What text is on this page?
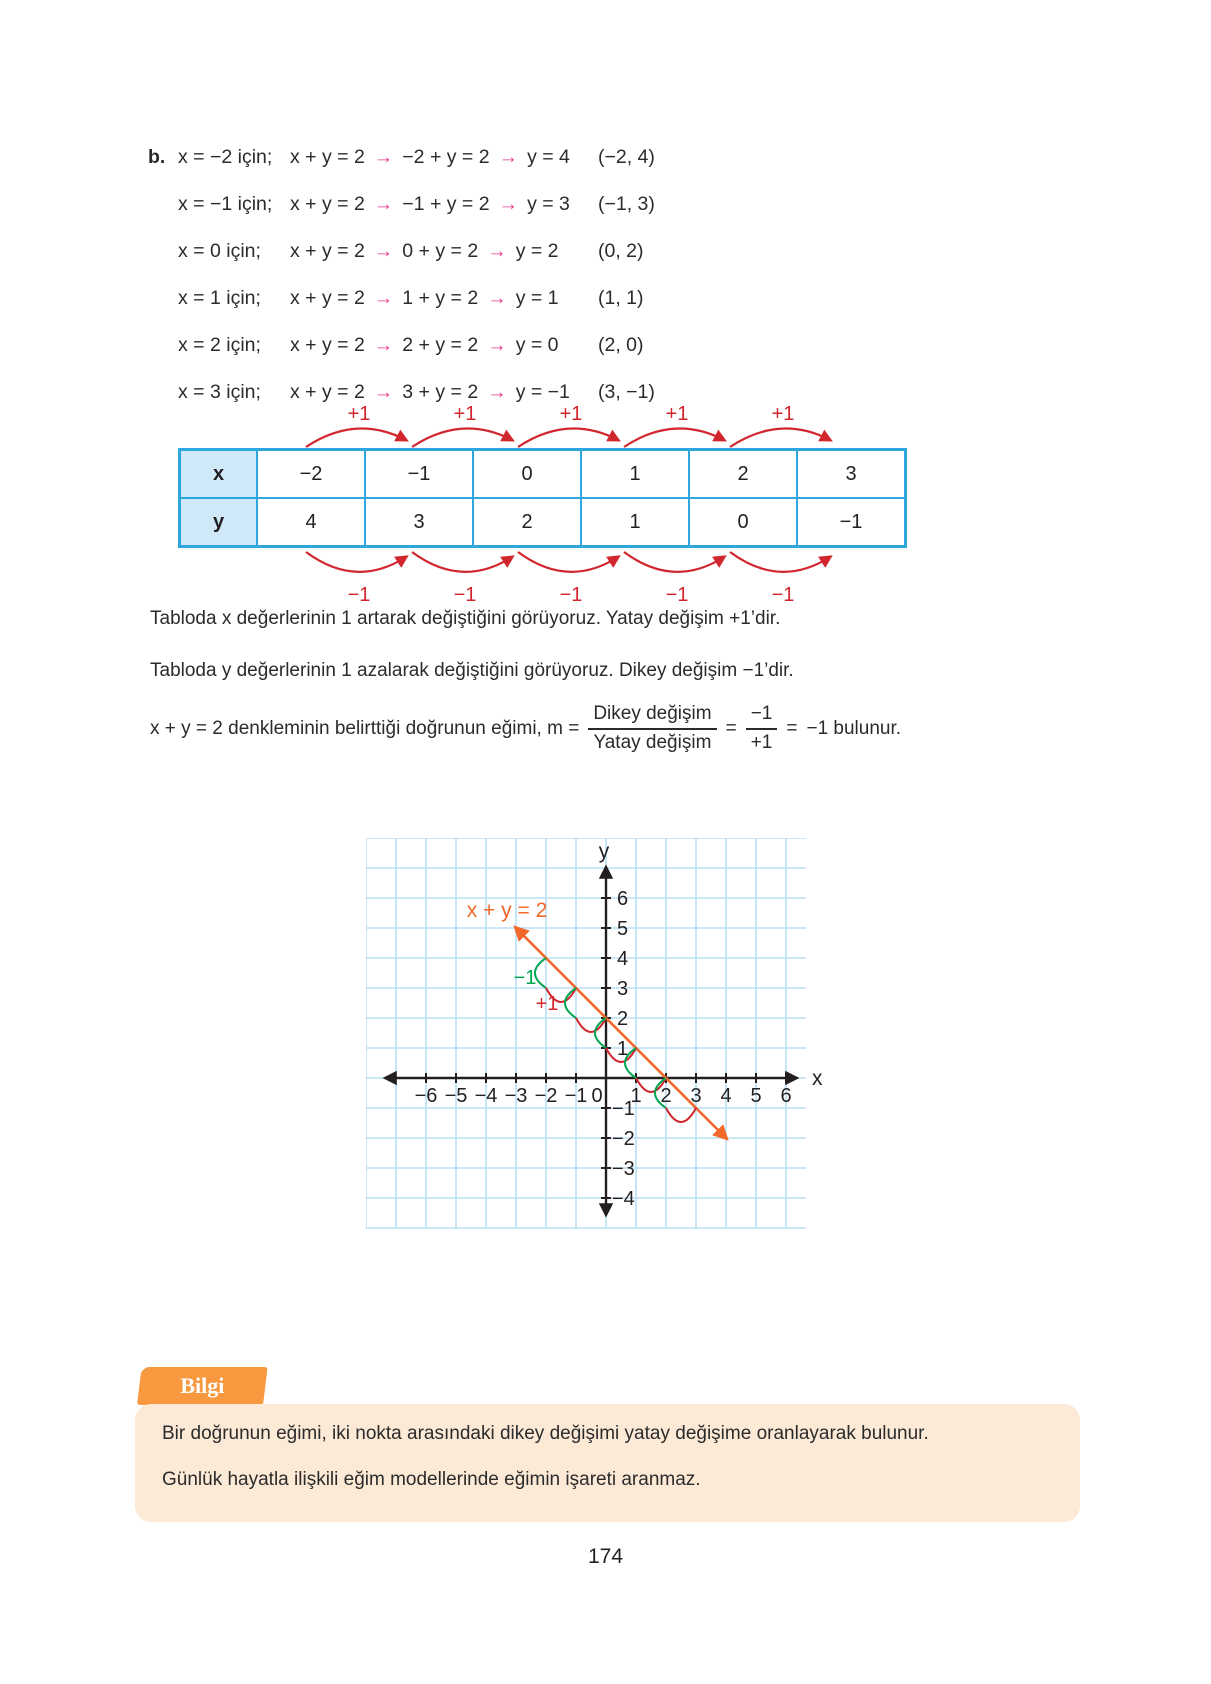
b. x = −2 için; x + y = 2 → −2 + y = 2 → y = 4	(−2, 4)
x = −1 için; x + y = 2 → −1 + y = 2 → y = 3	(−1, 3)
x = 0 için;	x + y = 2 → 0 + y = 2 → y = 2	(0, 2)
x = 1 için;	x + y = 2 → 1 + y = 2 → y = 1	(1, 1)
x = 2 için;	x + y = 2 → 2 + y = 2 → y = 0	(2, 0)
x = 3 için;	x + y = 2 → 3 + y = 2 → y = −1	(3, −1)
+1	+1	+1	+1	+1
x	−2	−1	0	1	2	3
y	4	3	2	1	0	−1
−1	−1	−1	−1	−1

Tabloda x değerlerinin 1 artarak değiştiğini görüyoruz. Yatay değişim +1’dir.

Tabloda y değerlerinin 1 azalarak değiştiğini görüyoruz. Dikey değişim −1’dir.

x + y = 2 denkleminin belirttiği doğrunun eğimi, $m = \frac{\text{Dikey değişim}}{\text{Yatay değişim}} = \frac{-1}{+1} = -1$ bulunur.
−6 −5 −4 −3 −2 −1 0 1 2 3 4 5 6
6
5
4
3
2
1
−1
−2
−3
−4
y
x
x + y = 2
−1
+1
Bilgi

Bir doğrunun eğimi, iki nokta arasındaki dikey değişimi yatay değişime oranlayarak bulunur.

Günlük hayatla ilişkili eğim modellerinde eğimin işareti aranmaz.

174
